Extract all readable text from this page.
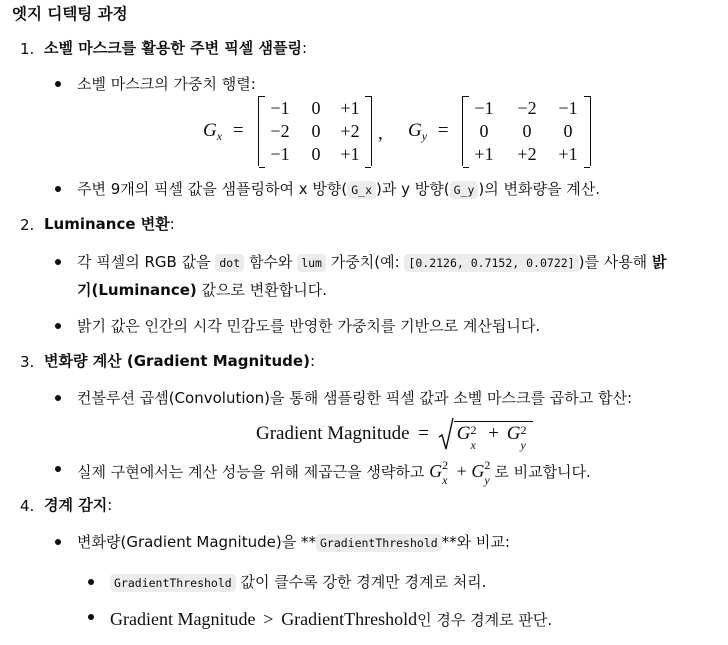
엣지 디텍팅 과정
1. 소벨 마스크를 활용한 주변 픽셀 샘플링:
소벨 마스크의 가중치 행렬:
$G_x$ =
−1	0	+1
−2	0	+2
−1	0	+1
, $G_y$ =
−1	−2	−1
0	0	0
+1	+2	+1
주변 9개의 픽셀 값을 샘플링하여 x 방향( G_x )과 y 방향( G_y )의 변화량을 계산.
2. Luminance 변환:
각 픽셀의 RGB 값을 dot 함수와 lum 가중치(예: [0.2126, 0.7152, 0.0722] )를 사용해 밝
기(Luminance) 값으로 변환합니다.
밝기 값은 인간의 시각 민감도를 반영한 가중치를 기반으로 계산됩니다.
3. 변화량 계산 (Gradient Magnitude):
컨볼루션 곱셈(Convolution)을 통해 샘플링한 픽셀 값과 소벨 마스크를 곱하고 합산:
Gradient Magnitude = G 2
x
+ G 2
y
실제 구현에서는 계산 성능을 위해 제곱근을 생략하고 G 2
x + G 2
y 로 비교합니다.
4. 경계 감지:
변화량(Gradient Magnitude)을 ** GradientThreshold **와 비교:
GradientThreshold 값이 클수록 강한 경계만 경계로 처리.
Gradient Magnitude > GradientThreshold인 경우 경계로 판단.
